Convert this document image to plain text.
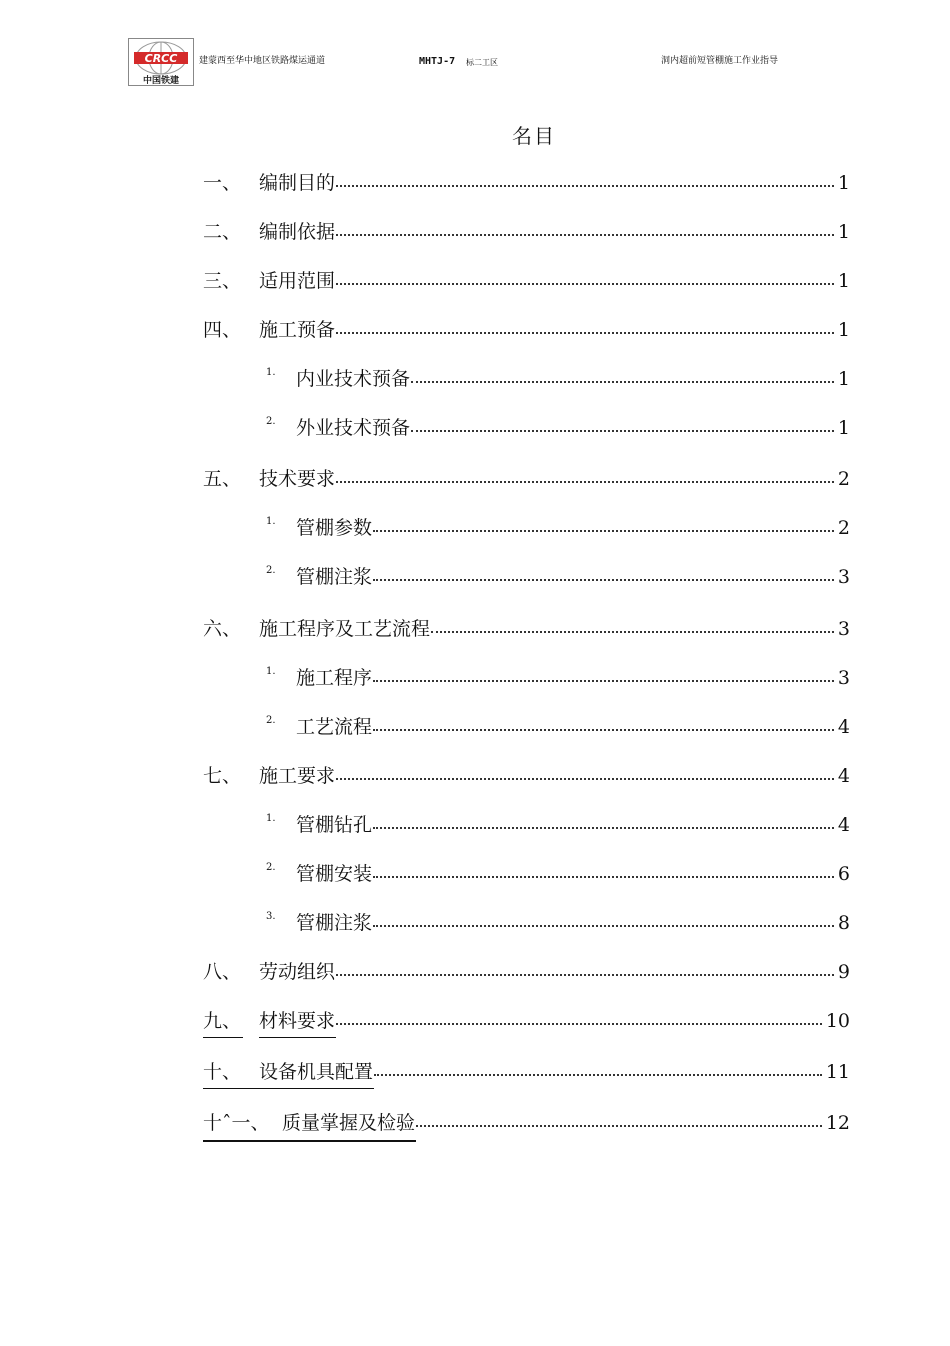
CRCC
中国铁建
建蒙西至华中地区铁路煤运通道	MHTJ-7 标二工区	洞内超前短管棚施工作业指导
名目
一、 编制目的	1
二、 编制依据	1
三、 适用范围	1
四、 施工预备	1
1. 内业技术预备	1
2. 外业技术预备	1
五、 技术要求	2
1. 管棚参数	2
2. 管棚注浆	3
六、 施工程序及工艺流程	3
1. 施工程序	3
2. 工艺流程	4
七、 施工要求	4
1. 管棚钻孔	4
2. 管棚安装	6
3. 管棚注浆	8
八、 劳动组织	9
九、 材料要求	10
十、 设备机具配置	11
十ˆ一、 质量掌握及检验	12
